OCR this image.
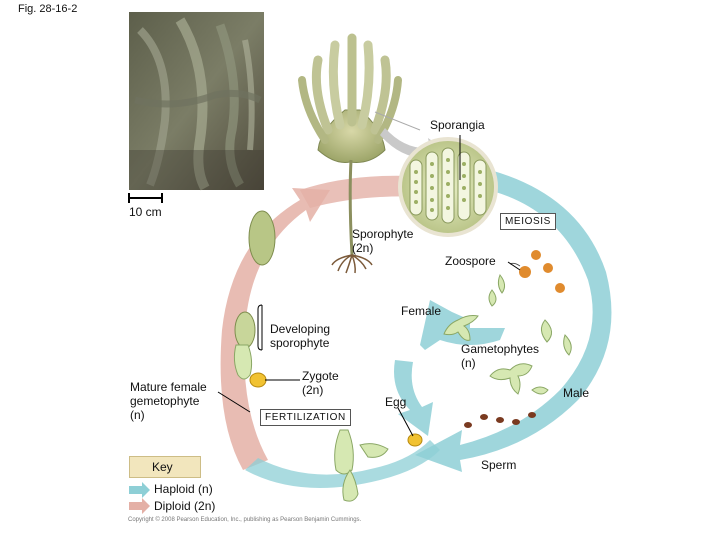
Fig. 28-16-2
10 cm
Sporangia
MEIOSIS
Sporophyte
(2n)
Zoospore
Female
Developing
sporophyte	Gametophytes
(n)
Zygote
(2n)
Mature female
gemetophyte
(n)
Egg
Male
FERTILIZATION
Sperm
Key
Haploid (n)
Diploid (2n)
Copyright © 2008 Pearson Education, Inc., publishing as Pearson Benjamin Cummings.
